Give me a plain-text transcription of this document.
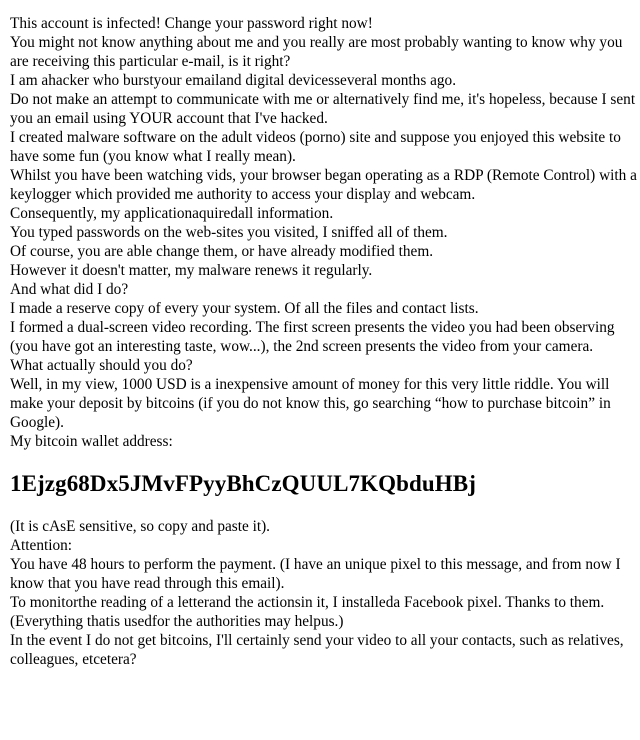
This account is infected! Change your password right now!

You might not know anything about me and you really are most probably wanting to know why you are receiving this particular e-mail, is it right?

I am ahacker who burstyour emailand digital devicesseveral months ago.

Do not make an attempt to communicate with me or alternatively find me, it's hopeless, because I sent you an email using YOUR account that I've hacked.

I created malware software on the adult videos (porno) site and suppose you enjoyed this website to have some fun (you know what I really mean).

Whilst you have been watching vids, your browser began operating as a RDP (Remote Control) with a keylogger which provided me authority to access your display and webcam.

Consequently, my applicationaquiredall information.

You typed passwords on the web-sites you visited, I sniffed all of them.

Of course, you are able change them, or have already modified them.

However it doesn't matter, my malware renews it regularly.

And what did I do?

I made a reserve copy of every your system. Of all the files and contact lists.

I formed a dual-screen video recording. The first screen presents the video you had been observing (you have got an interesting taste, wow...), the 2nd screen presents the video from your camera.

What actually should you do?

Well, in my view, 1000 USD is a inexpensive amount of money for this very little riddle. You will make your deposit by bitcoins (if you do not know this, go searching “how to purchase bitcoin” in Google).

My bitcoin wallet address:

1Ejzg68Dx5JMvFPyyBhCzQUUL7KQbduHBj

(It is cAsE sensitive, so copy and paste it).

Attention:

You have 48 hours to perform the payment. (I have an unique pixel to this message, and from now I know that you have read through this email).

To monitorthe reading of a letterand the actionsin it, I installeda Facebook pixel. Thanks to them. (Everything thatis usedfor the authorities may helpus.)

In the event I do not get bitcoins, I'll certainly send your video to all your contacts, such as relatives, colleagues, etcetera?
